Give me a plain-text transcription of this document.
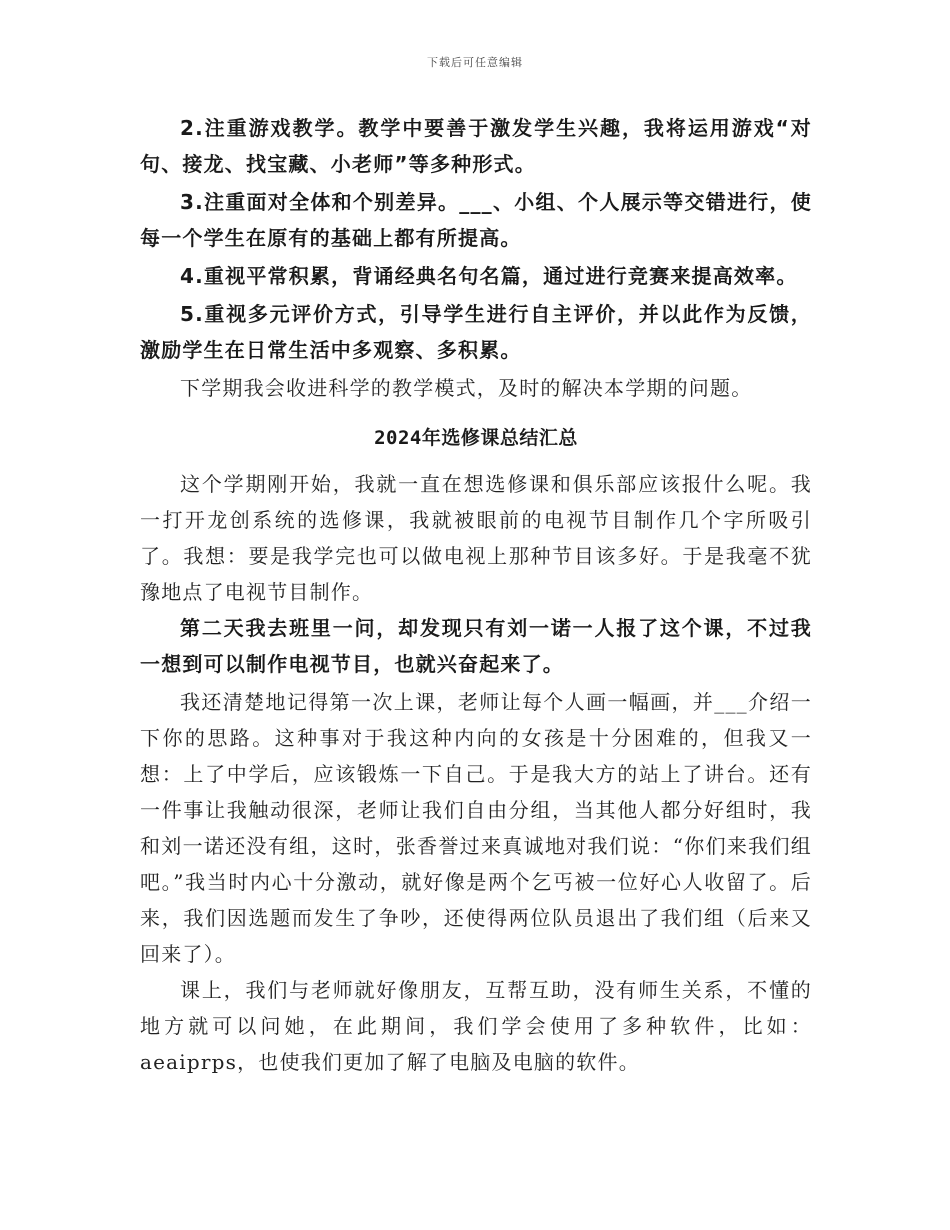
下载后可任意编辑

2.注重游戏教学。教学中要善于激发学生兴趣，我将运用游戏“对句、接龙、找宝藏、小老师”等多种形式。

3.注重面对全体和个别差异。___、小组、个人展示等交错进行，使每一个学生在原有的基础上都有所提高。

4.重视平常积累，背诵经典名句名篇，通过进行竞赛来提高效率。

5.重视多元评价方式，引导学生进行自主评价，并以此作为反馈，激励学生在日常生活中多观察、多积累。

下学期我会收进科学的教学模式，及时的解决本学期的问题。

2024年选修课总结汇总

这个学期刚开始，我就一直在想选修课和俱乐部应该报什么呢。我一打开龙创系统的选修课，我就被眼前的电视节目制作几个字所吸引了。我想：要是我学完也可以做电视上那种节目该多好。于是我毫不犹豫地点了电视节目制作。

第二天我去班里一问，却发现只有刘一诺一人报了这个课，不过我一想到可以制作电视节目，也就兴奋起来了。

我还清楚地记得第一次上课，老师让每个人画一幅画，并___介绍一下你的思路。这种事对于我这种内向的女孩是十分困难的，但我又一想：上了中学后，应该锻炼一下自己。于是我大方的站上了讲台。还有一件事让我触动很深，老师让我们自由分组，当其他人都分好组时，我和刘一诺还没有组，这时，张香誉过来真诚地对我们说：“你们来我们组吧。”我当时内心十分激动，就好像是两个乞丐被一位好心人收留了。后来，我们因选题而发生了争吵，还使得两位队员退出了我们组（后来又回来了）。

课上，我们与老师就好像朋友，互帮互助，没有师生关系，不懂的地方就可以问她，在此期间，我们学会使用了多种软件，比如：aeaiprps，也使我们更加了解了电脑及电脑的软件。
